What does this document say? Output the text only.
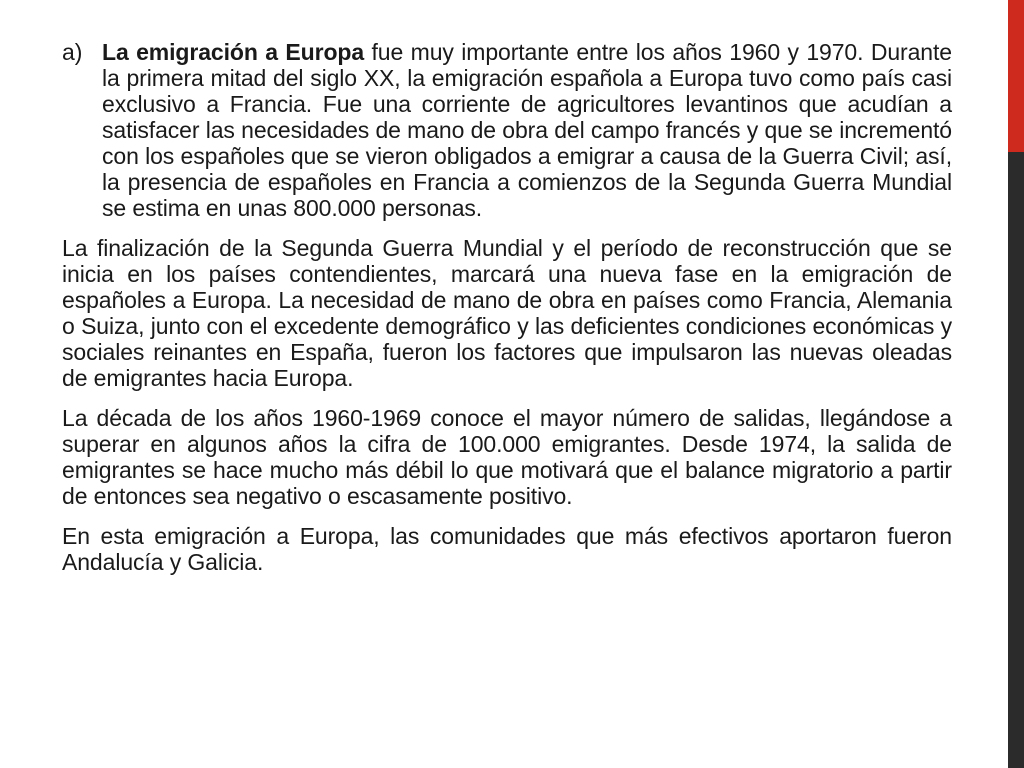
a) La emigración a Europa fue muy importante entre los años 1960 y 1970. Durante la primera mitad del siglo XX, la emigración española a Europa tuvo como país casi exclusivo a Francia. Fue una corriente de agricultores levantinos que acudían a satisfacer las necesidades de mano de obra del campo francés y que se incrementó con los españoles que se vieron obligados a emigrar a causa de la Guerra Civil; así, la presencia de españoles en Francia a comienzos de la Segunda Guerra Mundial se estima en unas 800.000 personas.

La finalización de la Segunda Guerra Mundial y el período de reconstrucción que se inicia en los países contendientes, marcará una nueva fase en la emigración de españoles a Europa. La necesidad de mano de obra en países como Francia, Alemania o Suiza, junto con el excedente demográfico y las deficientes condiciones económicas y sociales reinantes en España, fueron los factores que impulsaron las nuevas oleadas de emigrantes hacia Europa.

La década de los años 1960-1969 conoce el mayor número de salidas, llegándose a superar en algunos años la cifra de 100.000 emigrantes. Desde 1974, la salida de emigrantes se hace mucho más débil lo que motivará que el balance migratorio a partir de entonces sea negativo o escasamente positivo.

En esta emigración a Europa, las comunidades que más efectivos aportaron fueron Andalucía y Galicia.
